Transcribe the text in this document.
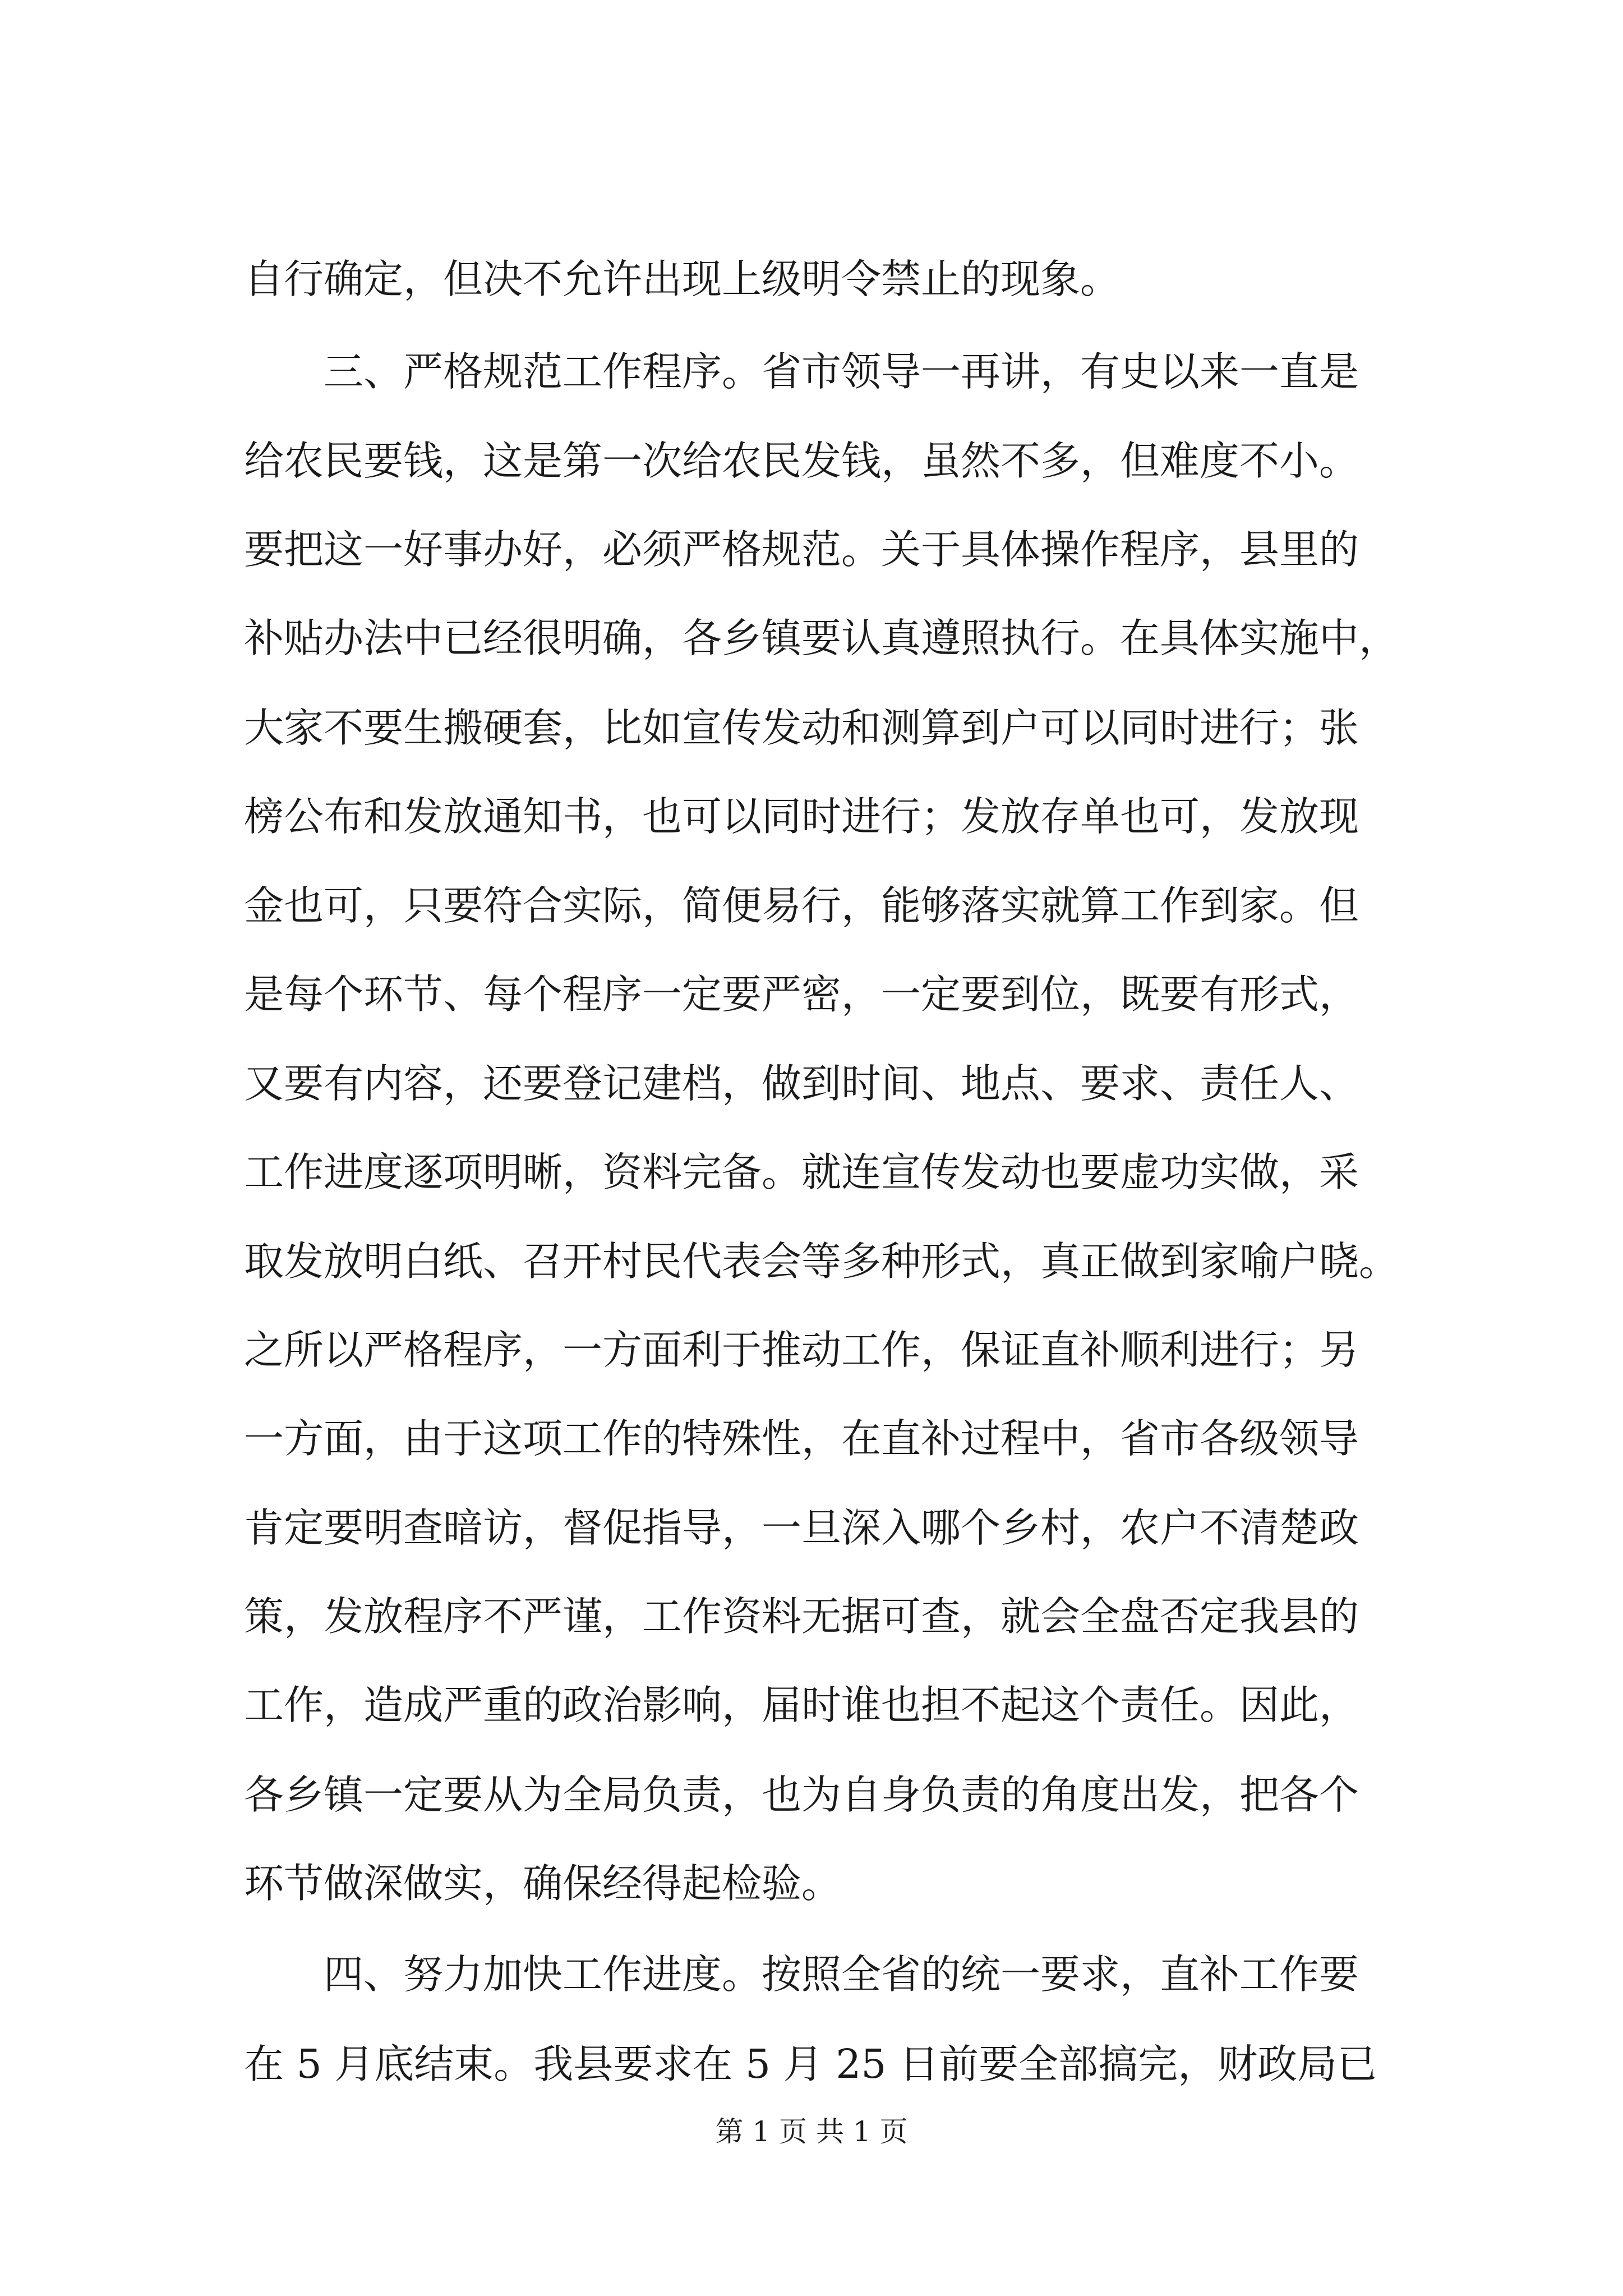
自行确定，但决不允许出现上级明令禁止的现象。
　　三、严格规范工作程序。省市领导一再讲，有史以来一直是
给农民要钱，这是第一次给农民发钱，虽然不多，但难度不小。
要把这一好事办好，必须严格规范。关于具体操作程序，县里的
补贴办法中已经很明确，各乡镇要认真遵照执行。在具体实施中，
大家不要生搬硬套，比如宣传发动和测算到户可以同时进行；张
榜公布和发放通知书，也可以同时进行；发放存单也可，发放现
金也可，只要符合实际，简便易行，能够落实就算工作到家。但
是每个环节、每个程序一定要严密，一定要到位，既要有形式，
又要有内容，还要登记建档，做到时间、地点、要求、责任人、
工作进度逐项明晰，资料完备。就连宣传发动也要虚功实做，采
取发放明白纸、召开村民代表会等多种形式，真正做到家喻户晓。
之所以严格程序，一方面利于推动工作，保证直补顺利进行；另
一方面，由于这项工作的特殊性，在直补过程中，省市各级领导
肯定要明查暗访，督促指导，一旦深入哪个乡村，农户不清楚政
策，发放程序不严谨，工作资料无据可查，就会全盘否定我县的
工作，造成严重的政治影响，届时谁也担不起这个责任。因此，
各乡镇一定要从为全局负责，也为自身负责的角度出发，把各个
环节做深做实，确保经得起检验。
　　四、努力加快工作进度。按照全省的统一要求，直补工作要
在 5 月底结束。我县要求在 5 月 25 日前要全部搞完，财政局已
第 1 页 共 1 页
